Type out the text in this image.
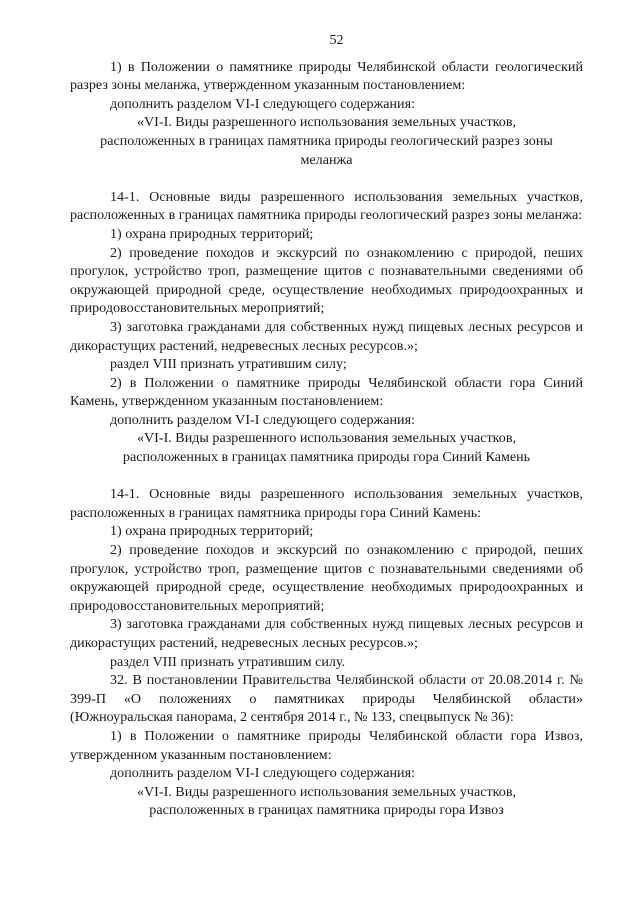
52

1) в Положении о памятнике природы Челябинской области геологический разрез зоны меланжа, утвержденном указанным постановлением:

дополнить разделом VI-I следующего содержания:

«VI-I. Виды разрешенного использования земельных участков,

расположенных в границах памятника природы геологический разрез зоны

меланжа

14-1. Основные виды разрешенного использования земельных участков, расположенных в границах памятника природы геологический разрез зоны меланжа:

1) охрана природных территорий;

2) проведение походов и экскурсий по ознакомлению с природой, пеших прогулок, устройство троп, размещение щитов с познавательными сведениями об окружающей природной среде, осуществление необходимых природоохранных и природовосстановительных мероприятий;

3) заготовка гражданами для собственных нужд пищевых лесных ресурсов и дикорастущих растений, недревесных лесных ресурсов.»;

раздел VIII признать утратившим силу;

2) в Положении о памятнике природы Челябинской области гора Синий Камень, утвержденном указанным постановлением:

дополнить разделом VI-I следующего содержания:

«VI-I. Виды разрешенного использования земельных участков,

расположенных в границах памятника природы гора Синий Камень

14-1. Основные виды разрешенного использования земельных участков, расположенных в границах памятника природы гора Синий Камень:

1) охрана природных территорий;

2) проведение походов и экскурсий по ознакомлению с природой, пеших прогулок, устройство троп, размещение щитов с познавательными сведениями об окружающей природной среде, осуществление необходимых природоохранных и природовосстановительных мероприятий;

3) заготовка гражданами для собственных нужд пищевых лесных ресурсов и дикорастущих растений, недревесных лесных ресурсов.»;

раздел VIII признать утратившим силу.

32. В постановлении Правительства Челябинской области от 20.08.2014 г. № 399-П «О положениях о памятниках природы Челябинской области» (Южноуральская панорама, 2 сентября 2014 г., № 133, спецвыпуск № 36):

1) в Положении о памятнике природы Челябинской области гора Извоз, утвержденном указанным постановлением:

дополнить разделом VI-I следующего содержания:

«VI-I. Виды разрешенного использования земельных участков,

расположенных в границах памятника природы гора Извоз
